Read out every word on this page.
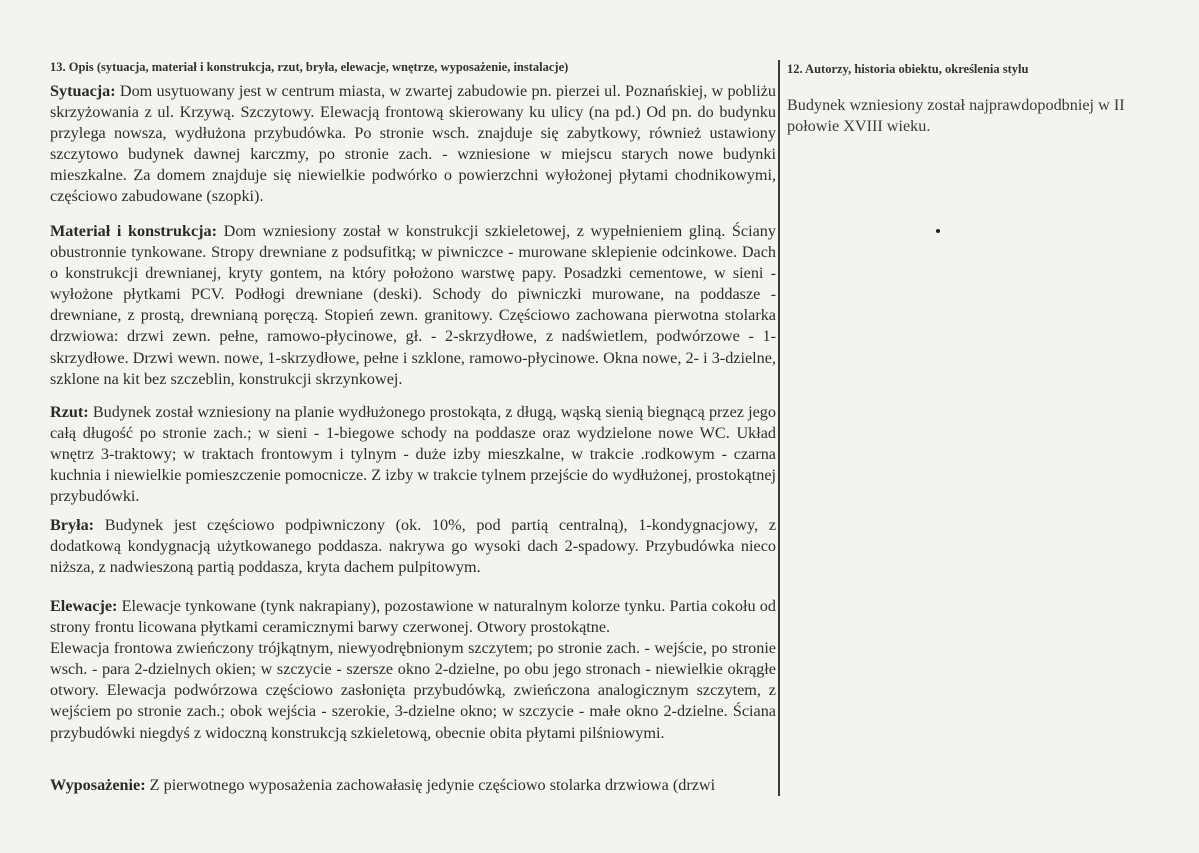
13. Opis (sytuacja, materiał i konstrukcja, rzut, bryła, elewacje, wnętrze, wyposażenie, instalacje)
Sytuacja: Dom usytuowany jest w centrum miasta, w zwartej zabudowie pn. pierzei ul. Poznańskiej, w pobliżu skrzyżowania z ul. Krzywą. Szczytowy. Elewacją frontową skierowany ku ulicy (na pd.) Od pn. do budynku przylega nowsza, wydłużona przybudówka. Po stronie wsch. znajduje się zabytkowy, również ustawiony szczytowo budynek dawnej karczmy, po stronie zach. - wzniesione w miejscu starych nowe budynki mieszkalne. Za domem znajduje się niewielkie podwórko o powierzchni wyłożonej płytami chodnikowymi, częściowo zabudowane (szopki).
Materiał i konstrukcja: Dom wzniesiony został w konstrukcji szkieletowej, z wypełnieniem gliną. Ściany obustronnie tynkowane. Stropy drewniane z podsufitką; w piwniczce - murowane sklepienie odcinkowe. Dach o konstrukcji drewnianej, kryty gontem, na który położono warstwę papy. Posadzki cementowe, w sieni - wyłożone płytkami PCV. Podłogi drewniane (deski). Schody do piwniczki murowane, na poddasze - drewniane, z prostą, drewnianą poręczą. Stopień zewn. granitowy. Częściowo zachowana pierwotna stolarka drzwiowa: drzwi zewn. pełne, ramowo-płycinowe, gł. - 2-skrzydłowe, z nadświetlem, podwórzowe - 1-skrzydłowe. Drzwi wewn. nowe, 1-skrzydłowe, pełne i szklone, ramowo-płycinowe. Okna nowe, 2- i 3-dzielne, szklone na kit bez szczeblin, konstrukcji skrzynkowej.
Rzut: Budynek został wzniesiony na planie wydłużonego prostokąta, z długą, wąską sienią biegnącą przez jego całą długość po stronie zach.; w sieni - 1-biegowe schody na poddasze oraz wydzielone nowe WC. Układ wnętrz 3-traktowy; w traktach frontowym i tylnym - duże izby mieszkalne, w trakcie .rodkowym - czarna kuchnia i niewielkie pomieszczenie pomocnicze. Z izby w trakcie tylnem przejście do wydłużonej, prostokątnej przybudówki.
Bryła: Budynek jest częściowo podpiwniczony (ok. 10%, pod partią centralną), 1-kondygnacjowy, z dodatkową kondygnacją użytkowanego poddasza. nakrywa go wysoki dach 2-spadowy. Przybudówka nieco niższa, z nadwieszoną partią poddasza, kryta dachem pulpitowym.
Elewacje: Elewacje tynkowane (tynk nakrapiany), pozostawione w naturalnym kolorze tynku. Partia cokołu od strony frontu licowana płytkami ceramicznymi barwy czerwonej. Otwory prostokątne.
Elewacja frontowa zwieńczony trójkątnym, niewyodrębnionym szczytem; po stronie zach. - wejście, po stronie wsch. - para 2-dzielnych okien; w szczycie - szersze okno 2-dzielne, po obu jego stronach - niewielkie okrągłe otwory. Elewacja podwórzowa częściowo zasłonięta przybudówką, zwieńczona analogicznym szczytem, z wejściem po stronie zach.; obok wejścia - szerokie, 3-dzielne okno; w szczycie - małe okno 2-dzielne. Ściana przybudówki niegdyś z widoczną konstrukcją szkieletową, obecnie obita płytami pilśniowymi.
Wyposażenie: Z pierwotnego wyposażenia zachowałasię jedynie częściowo stolarka drzwiowa (drzwi
12. Autorzy, historia obiektu, określenia stylu
Budynek wzniesiony został najprawdopodbniej w II połowie XVIII wieku.
